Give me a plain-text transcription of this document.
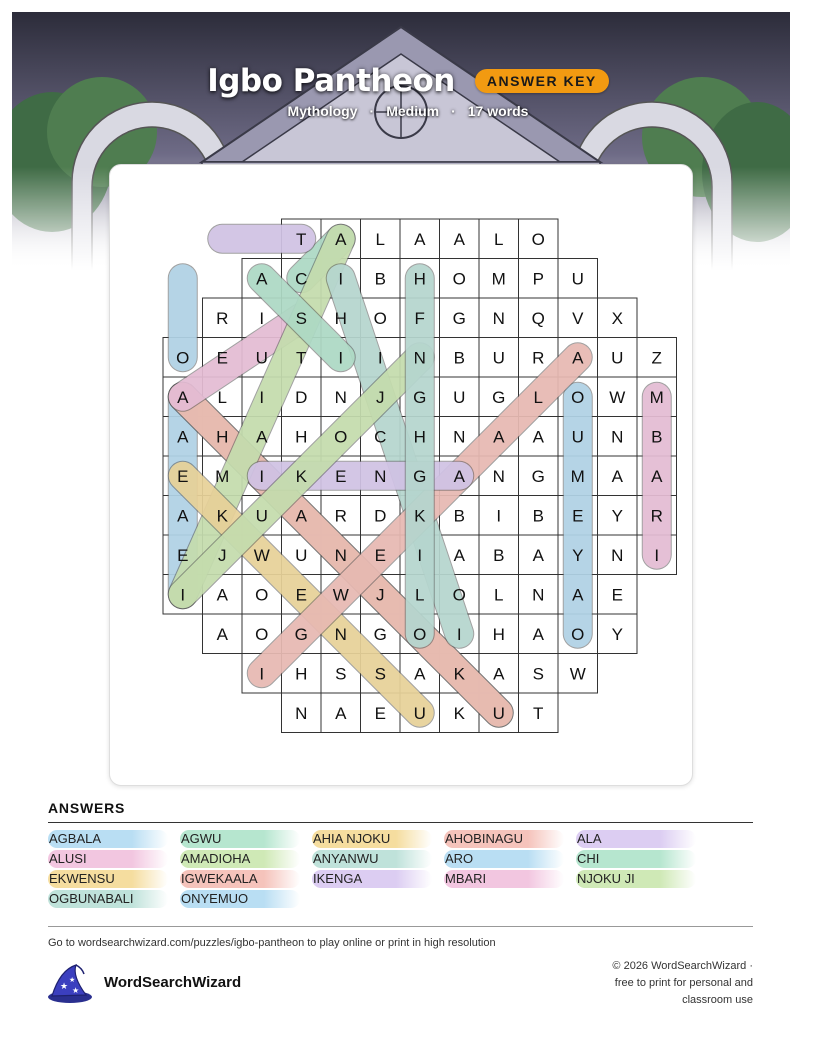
Igbo Pantheon	ANSWER KEY
Mythology · Medium · 17 words
T A L A A L O
A C I B H O M P U
R I S H O F G N Q V X
O E U T I I N B U R A U Z
A L I D N J G U G L O W M
A H A H O C H N A A U N B
E M I K E N G A N G M A A
A K U A R D K B I B E Y R
E J W U N E I A B A Y N I
I A O E W J L O L N A E
A O G N G O I H A O Y
I H S S A K A S W
N A E U K U T
ANSWERS
AGBALA	AGWU	AHIA NJOKU	AHOBINAGU	ALA
ALUSI	AMADIOHA	ANYANWU	ARO	CHI
EKWENSU	IGWEKAALA	IKENGA	MBARI	NJOKU JI
OGBUNABALI	ONYEMUO
Go to wordsearchwizard.com/puzzles/igbo-pantheon to play online or print in high resolution
★
★
★ WordSearchWizard
© 2026 WordSearchWizard · free to print for personal and classroom use
